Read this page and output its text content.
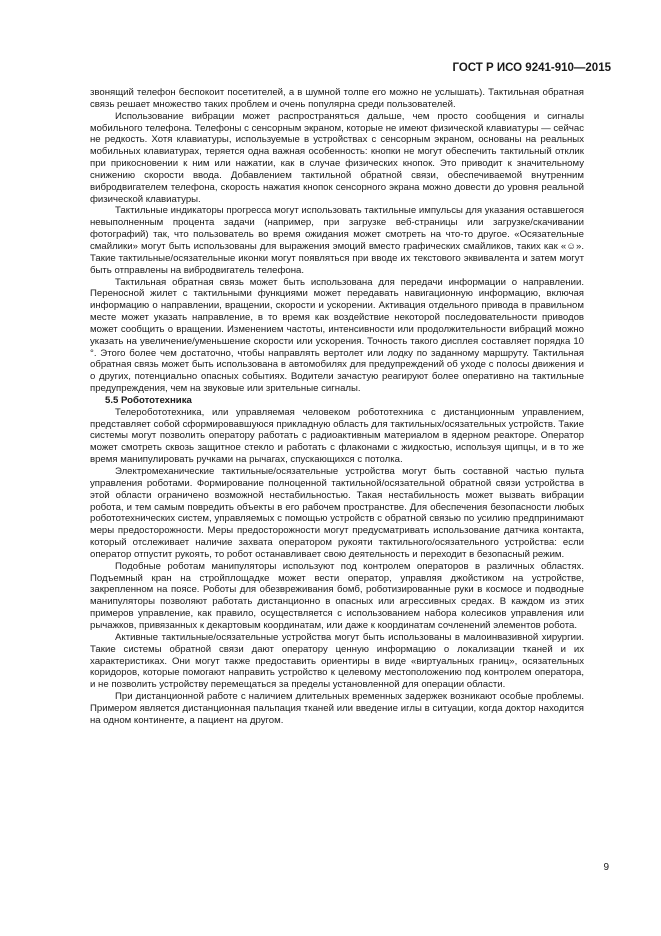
ГОСТ Р ИСО 9241-910—2015

звонящий телефон беспокоит посетителей, а в шумной толпе его можно не услышать). Тактильная обратная связь решает множество таких проблем и очень популярна среди пользователей.

Использование вибрации может распространяться дальше, чем просто сообщения и сигналы мобильного телефона. Телефоны с сенсорным экраном, которые не имеют физической клавиатуры — сейчас не редкость. Хотя клавиатуры, используемые в устройствах с сенсорным экраном, основаны на реальных мобильных клавиатурах, теряется одна важная особенность: кнопки не могут обеспечить тактильный отклик при прикосновении к ним или нажатии, как в случае физических кнопок. Это приводит к значительному снижению скорости ввода. Добавлением тактильной обратной связи, обеспечиваемой внутренним вибродвигателем телефона, скорость нажатия кнопок сенсорного экрана можно довести до уровня реальной физической клавиатуры.

Тактильные индикаторы прогресса могут использовать тактильные импульсы для указания оставшегося невыполненным процента задачи (например, при загрузке веб-страницы или загрузке/скачивании фотографий) так, что пользователь во время ожидания может смотреть на что-то другое. «Осязательные смайлики» могут быть использованы для выражения эмоций вместо графических смайликов, таких как «☺». Такие тактильные/осязательные иконки могут появляться при вводе их текстового эквивалента и затем могут быть отправлены на вибродвигатель телефона.

Тактильная обратная связь может быть использована для передачи информации о направлении. Переносной жилет с тактильными функциями может передавать навигационную информацию, включая информацию о направлении, вращении, скорости и ускорении. Активация отдельного привода в правильном месте может указать направление, в то время как воздействие некоторой последовательности приводов может сообщить о вращении. Изменением частоты, интенсивности или продолжительности вибраций можно указать на увеличение/уменьшение скорости или ускорения. Точность такого дисплея составляет порядка 10 °. Этого более чем достаточно, чтобы направлять вертолет или лодку по заданному маршруту. Тактильная обратная связь может быть использована в автомобилях для предупреждений об уходе с полосы движения и о других, потенциально опасных событиях. Водители зачастую реагируют более оперативно на тактильные предупреждения, чем на звуковые или зрительные сигналы.

5.5 Робототехника

Телеробототехника, или управляемая человеком робототехника с дистанционным управлением, представляет собой сформировавшуюся прикладную область для тактильных/осязательных устройств. Такие системы могут позволить оператору работать с радиоактивным материалом в ядерном реакторе. Оператор может смотреть сквозь защитное стекло и работать с флаконами с жидкостью, используя щипцы, и в то же время манипулировать ручками на рычагах, спускающихся с потолка.

Электромеханические тактильные/осязательные устройства могут быть составной частью пульта управления роботами. Формирование полноценной тактильной/осязательной обратной связи устройства в этой области ограничено возможной нестабильностью. Такая нестабильность может вызвать вибрации робота, и тем самым повредить объекты в его рабочем пространстве. Для обеспечения безопасности любых робототехнических систем, управляемых с помощью устройств с обратной связью по усилию предпринимают меры предосторожности. Меры предосторожности могут предусматривать использование датчика контакта, который отслеживает наличие захвата оператором рукояти тактильного/осязательного устройства: если оператор отпустит рукоять, то робот останавливает свою деятельность и переходит в безопасный режим.

Подобные роботам манипуляторы используют под контролем операторов в различных областях. Подъемный кран на стройплощадке может вести оператор, управляя джойстиком на устройстве, закрепленном на поясе. Роботы для обезвреживания бомб, роботизированные руки в космосе и подводные манипуляторы позволяют работать дистанционно в опасных или агрессивных средах. В каждом из этих примеров управление, как правило, осуществляется с использованием набора колесиков управления или рычажков, привязанных к декартовым координатам, или даже к координатам сочленений элементов робота.

Активные тактильные/осязательные устройства могут быть использованы в малоинвазивной хирургии. Такие системы обратной связи дают оператору ценную информацию о локализации тканей и их характеристиках. Они могут также предоставить ориентиры в виде «виртуальных границ», осязательных коридоров, которые помогают направить устройство к целевому местоположению под контролем оператора, и не позволить устройству перемещаться за пределы установленной для операции области.

При дистанционной работе с наличием длительных временных задержек возникают особые проблемы. Примером является дистанционная пальпация тканей или введение иглы в ситуации, когда доктор находится на одном континенте, а пациент на другом.

9
